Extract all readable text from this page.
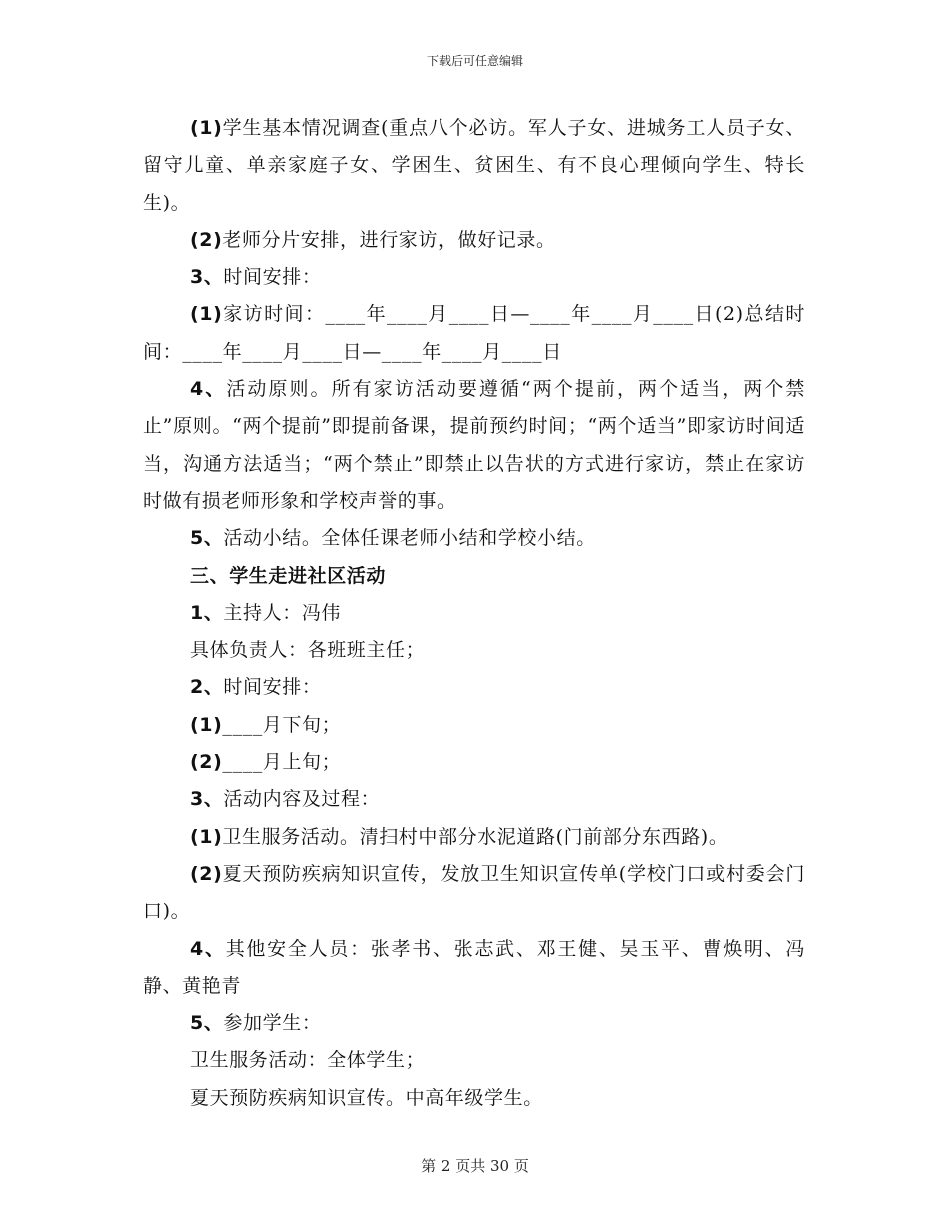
下载后可任意编辑

(1)学生基本情况调查(重点八个必访。军人子女、进城务工人员子女、留守儿童、单亲家庭子女、学困生、贫困生、有不良心理倾向学生、特长生)。

(2)老师分片安排，进行家访，做好记录。

3、时间安排：

(1)家访时间：____年____月____日—____年____月____日(2)总结时间：____年____月____日—____年____月____日

4、活动原则。所有家访活动要遵循“两个提前，两个适当，两个禁止”原则。“两个提前”即提前备课，提前预约时间；“两个适当”即家访时间适当，沟通方法适当；“两个禁止”即禁止以告状的方式进行家访，禁止在家访时做有损老师形象和学校声誉的事。

5、活动小结。全体任课老师小结和学校小结。

三、学生走进社区活动

1、主持人：冯伟

具体负责人：各班班主任；

2、时间安排：

(1)____月下旬；

(2)____月上旬；

3、活动内容及过程：

(1)卫生服务活动。清扫村中部分水泥道路(门前部分东西路)。

(2)夏天预防疾病知识宣传，发放卫生知识宣传单(学校门口或村委会门口)。

4、其他安全人员：张孝书、张志武、邓王健、吴玉平、曹焕明、冯静、黄艳青

5、参加学生：

卫生服务活动：全体学生；

夏天预防疾病知识宣传。中高年级学生。

第 2 页共 30 页
